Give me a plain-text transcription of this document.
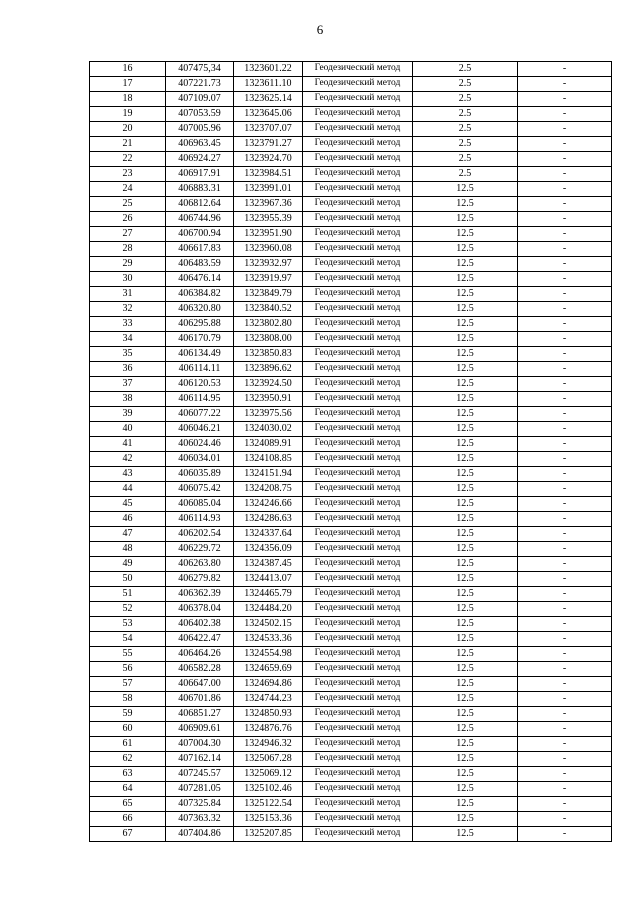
6
16	407475,34	1323601.22	Геодезический метод	2.5	-
17	407221.73	1323611.10	Геодезический метод	2.5	-
18	407109.07	1323625.14	Геодезический метод	2.5	-
19	407053.59	1323645.06	Геодезический метод	2.5	-
20	407005.96	1323707.07	Геодезический метод	2.5	-
21	406963.45	1323791.27	Геодезический метод	2.5	-
22	406924.27	1323924.70	Геодезический метод	2.5	-
23	406917.91	1323984.51	Геодезический метод	2.5	-
24	406883.31	1323991.01	Геодезический метод	12.5	-
25	406812.64	1323967.36	Геодезический метод	12.5	-
26	406744.96	1323955.39	Геодезический метод	12.5	-
27	406700.94	1323951.90	Геодезический метод	12.5	-
28	406617.83	1323960.08	Геодезический метод	12.5	-
29	406483.59	1323932.97	Геодезический метод	12.5	-
30	406476.14	1323919.97	Геодезический метод	12.5	-
31	406384.82	1323849.79	Геодезический метод	12.5	-
32	406320.80	1323840.52	Геодезический метод	12.5	-
33	406295.88	1323802.80	Геодезический метод	12.5	-
34	406170.79	1323808.00	Геодезический метод	12.5	-
35	406134.49	1323850.83	Геодезический метод	12.5	-
36	406114.11	1323896.62	Геодезический метод	12.5	-
37	406120.53	1323924.50	Геодезический метод	12.5	-
38	406114.95	1323950.91	Геодезический метод	12.5	-
39	406077.22	1323975.56	Геодезический метод	12.5	-
40	406046.21	1324030.02	Геодезический метод	12.5	-
41	406024.46	1324089.91	Геодезический метод	12.5	-
42	406034.01	1324108.85	Геодезический метод	12.5	-
43	406035.89	1324151.94	Геодезический метод	12.5	-
44	406075.42	1324208.75	Геодезический метод	12.5	-
45	406085.04	1324246.66	Геодезический метод	12.5	-
46	406114.93	1324286.63	Геодезический метод	12.5	-
47	406202.54	1324337.64	Геодезический метод	12.5	-
48	406229.72	1324356.09	Геодезический метод	12.5	-
49	406263.80	1324387.45	Геодезический метод	12.5	-
50	406279.82	1324413.07	Геодезический метод	12.5	-
51	406362.39	1324465.79	Геодезический метод	12.5	-
52	406378.04	1324484.20	Геодезический метод	12.5	-
53	406402.38	1324502.15	Геодезический метод	12.5	-
54	406422.47	1324533.36	Геодезический метод	12.5	-
55	406464.26	1324554.98	Геодезический метод	12.5	-
56	406582.28	1324659.69	Геодезический метод	12.5	-
57	406647.00	1324694.86	Геодезический метод	12.5	-
58	406701.86	1324744.23	Геодезический метод	12.5	-
59	406851.27	1324850.93	Геодезический метод	12.5	-
60	406909.61	1324876.76	Геодезический метод	12.5	-
61	407004.30	1324946.32	Геодезический метод	12.5	-
62	407162.14	1325067.28	Геодезический метод	12.5	-
63	407245.57	1325069.12	Геодезический метод	12.5	-
64	407281.05	1325102.46	Геодезический метод	12.5	-
65	407325.84	1325122.54	Геодезический метод	12.5	-
66	407363.32	1325153.36	Геодезический метод	12.5	-
67	407404.86	1325207.85	Геодезический метод	12.5	-
